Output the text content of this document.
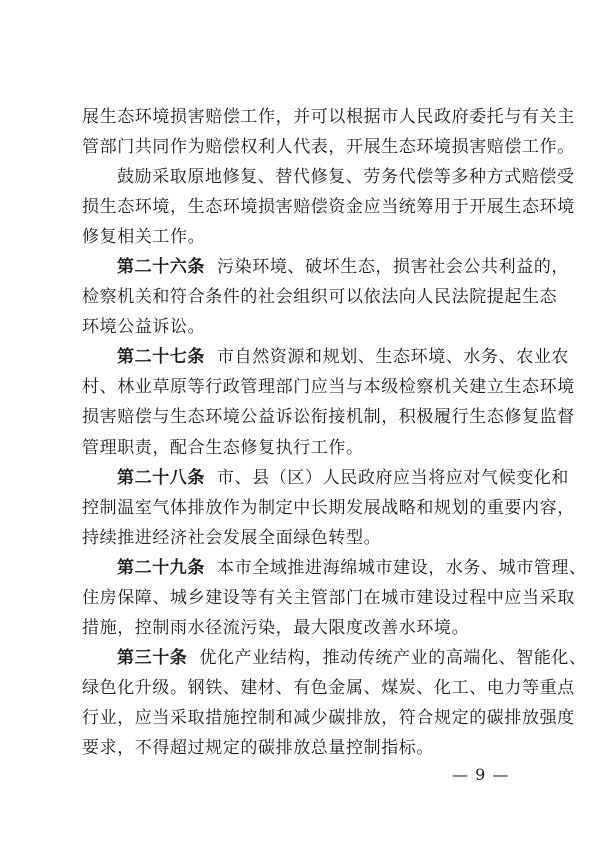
展生态环境损害赔偿工作，并可以根据市人民政府委托与有关主
管部门共同作为赔偿权利人代表，开展生态环境损害赔偿工作。
鼓励采取原地修复、替代修复、劳务代偿等多种方式赔偿受
损生态环境，生态环境损害赔偿资金应当统筹用于开展生态环境
修复相关工作。
第二十六条 污染环境、破坏生态，损害社会公共利益的，
检察机关和符合条件的社会组织可以依法向人民法院提起生态
环境公益诉讼。
第二十七条 市自然资源和规划、生态环境、水务、农业农
村、林业草原等行政管理部门应当与本级检察机关建立生态环境
损害赔偿与生态环境公益诉讼衔接机制，积极履行生态修复监督
管理职责，配合生态修复执行工作。
第二十八条 市、县（区）人民政府应当将应对气候变化和
控制温室气体排放作为制定中长期发展战略和规划的重要内容，
持续推进经济社会发展全面绿色转型。
第二十九条 本市全域推进海绵城市建设，水务、城市管理、
住房保障、城乡建设等有关主管部门在城市建设过程中应当采取
措施，控制雨水径流污染，最大限度改善水环境。
第三十条 优化产业结构，推动传统产业的高端化、智能化、
绿色化升级。钢铁、建材、有色金属、煤炭、化工、电力等重点
行业，应当采取措施控制和减少碳排放，符合规定的碳排放强度
要求，不得超过规定的碳排放总量控制指标。
— 9 —
